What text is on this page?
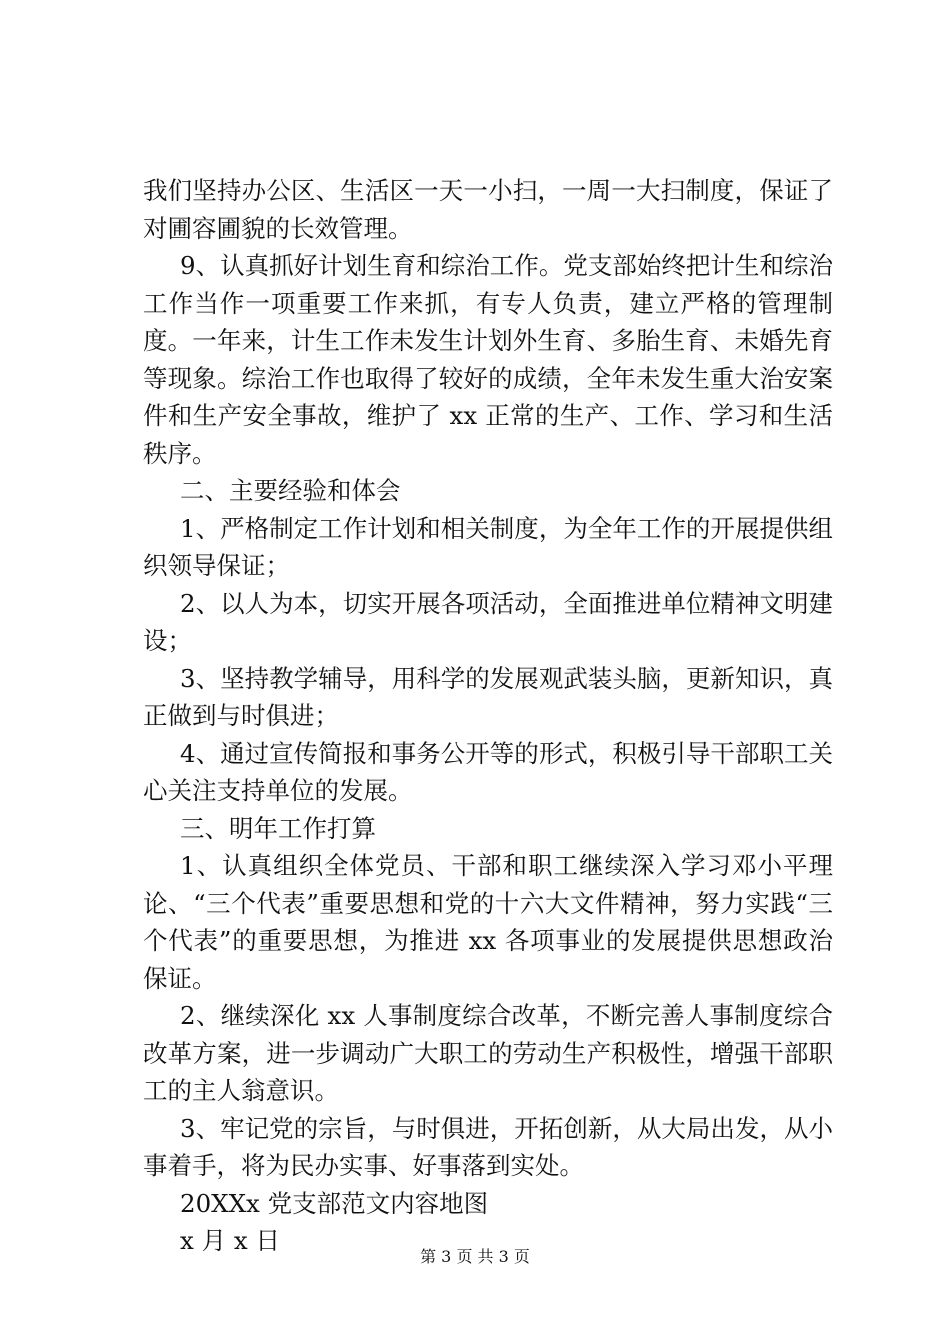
我们坚持办公区、生活区一天一小扫，一周一大扫制度，保证了对圃容圃貌的长效管理。

9、认真抓好计划生育和综治工作。党支部始终把计生和综治工作当作一项重要工作来抓，有专人负责，建立严格的管理制度。一年来，计生工作未发生计划外生育、多胎生育、未婚先育等现象。综治工作也取得了较好的成绩，全年未发生重大治安案件和生产安全事故，维护了 xx 正常的生产、工作、学习和生活秩序。

二、主要经验和体会

1、严格制定工作计划和相关制度，为全年工作的开展提供组织领导保证；

2、以人为本，切实开展各项活动，全面推进单位精神文明建设；

3、坚持教学辅导，用科学的发展观武装头脑，更新知识，真正做到与时俱进；

4、通过宣传简报和事务公开等的形式，积极引导干部职工关心关注支持单位的发展。

三、明年工作打算

1、认真组织全体党员、干部和职工继续深入学习邓小平理论、“三个代表”重要思想和党的十六大文件精神，努力实践“三个代表”的重要思想，为推进 xx 各项事业的发展提供思想政治保证。

2、继续深化 xx 人事制度综合改革，不断完善人事制度综合改革方案，进一步调动广大职工的劳动生产积极性，增强干部职工的主人翁意识。

3、牢记党的宗旨，与时俱进，开拓创新，从大局出发，从小事着手，将为民办实事、好事落到实处。

20XXx 党支部范文内容地图

x 月 x 日

第 3 页 共 3 页
